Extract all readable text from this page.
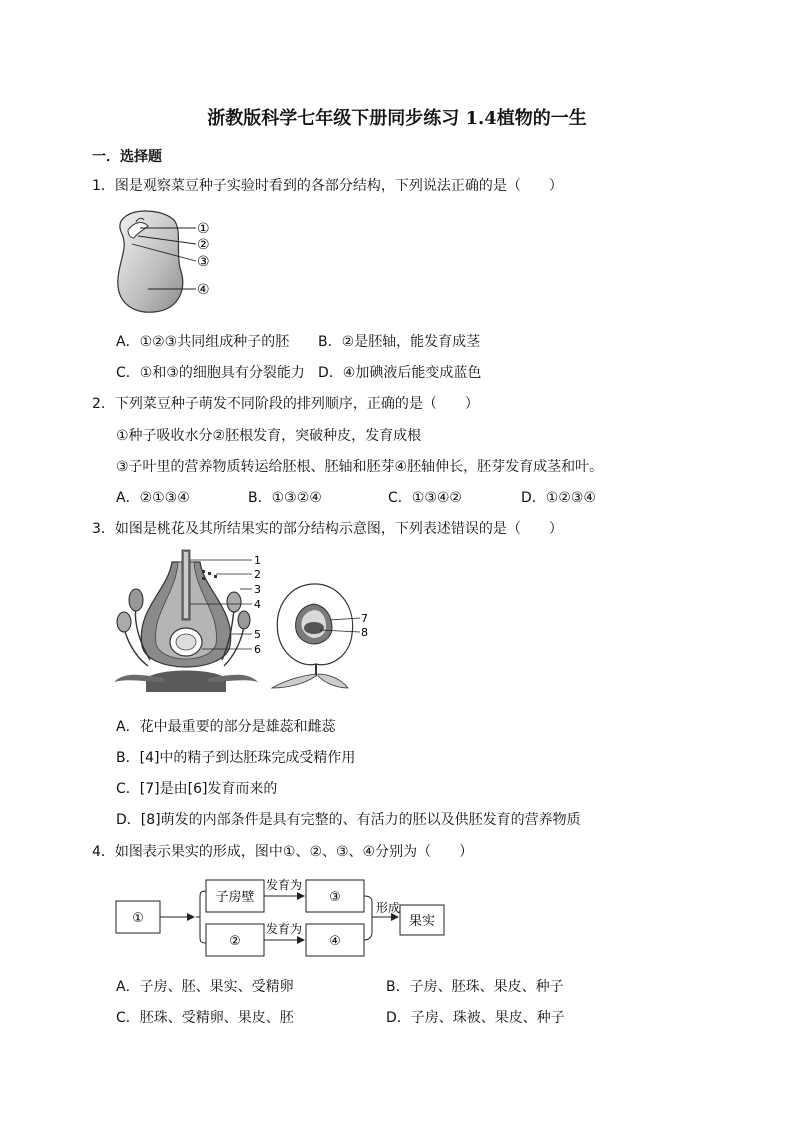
浙教版科学七年级下册同步练习 1.4植物的一生
一．选择题
1．图是观察菜豆种子实验时看到的各部分结构，下列说法正确的是（　　）
①
②
③
④
A．①②③共同组成种子的胚 B．②是胚轴，能发育成茎
C．①和③的细胞具有分裂能力 D．④加碘液后能变成蓝色
2．下列菜豆种子萌发不同阶段的排列顺序，正确的是（　　）
①种子吸收水分②胚根发育，突破种皮，发育成根
③子叶里的营养物质转运给胚根、胚轴和胚芽④胚轴伸长，胚芽发育成茎和叶。
A．②①③④	B．①③②④	C．①③④②	D．①②③④
3．如图是桃花及其所结果实的部分结构示意图，下列表述错误的是（　　）
1
2
3
4
5
6
7
8
A．花中最重要的部分是雄蕊和雌蕊
B．[4]中的精子到达胚珠完成受精作用
C．[7]是由[6]发育而来的
D．[8]萌发的内部条件是具有完整的、有活力的胚以及供胚发育的营养物质
4．如图表示果实的形成，图中①、②、③、④分别为（　　）
①
子房壁
②
发育为
发育为
③
④
形成
果实
A．子房、胚、果实、受精卵	B．子房、胚珠、果皮、种子
C．胚珠、受精卵、果皮、胚	D．子房、珠被、果皮、种子
